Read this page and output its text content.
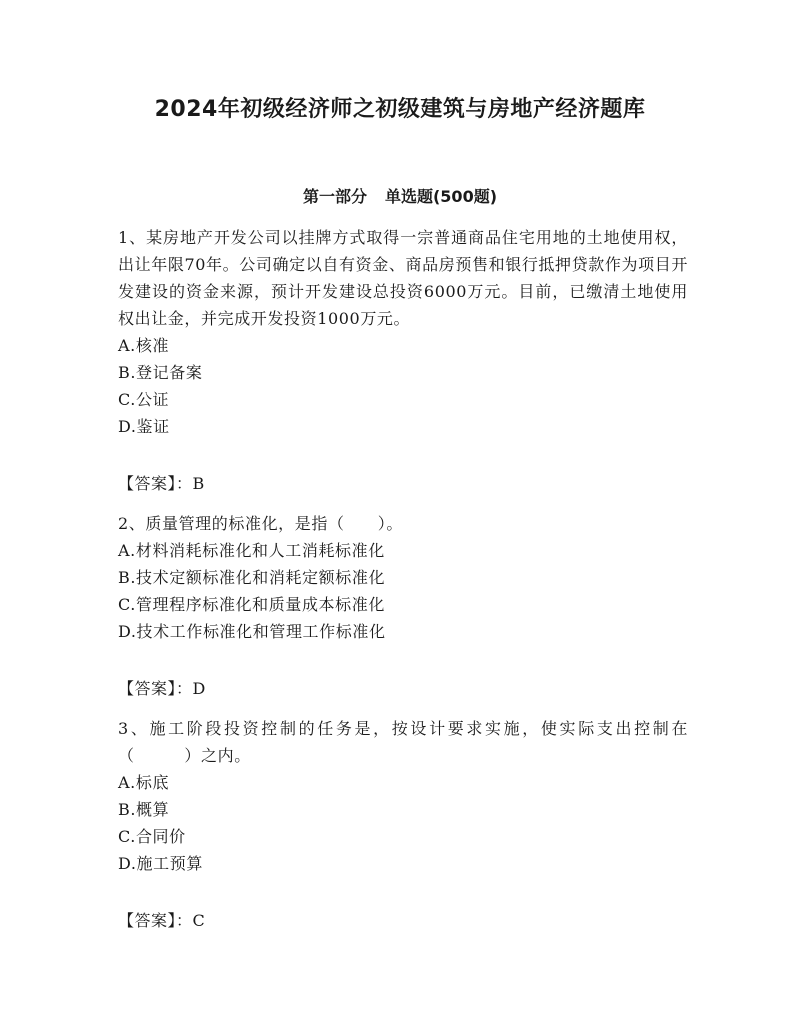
2024年初级经济师之初级建筑与房地产经济题库
第一部分 单选题(500题)

1、某房地产开发公司以挂牌方式取得一宗普通商品住宅用地的土地使用权，出让年限70年。公司确定以自有资金、商品房预售和银行抵押贷款作为项目开发建设的资金来源，预计开发建设总投资6000万元。目前，已缴清土地使用权出让金，并完成开发投资1000万元。

A.核准

B.登记备案

C.公证

D.鉴证

【答案】：B

2、质量管理的标准化，是指（　　）。

A.材料消耗标准化和人工消耗标准化

B.技术定额标准化和消耗定额标准化

C.管理程序标准化和质量成本标准化

D.技术工作标准化和管理工作标准化

【答案】：D

3、施工阶段投资控制的任务是，按设计要求实施，使实际支出控制在（　　　）之内。

A.标底

B.概算

C.合同价

D.施工预算

【答案】：C
